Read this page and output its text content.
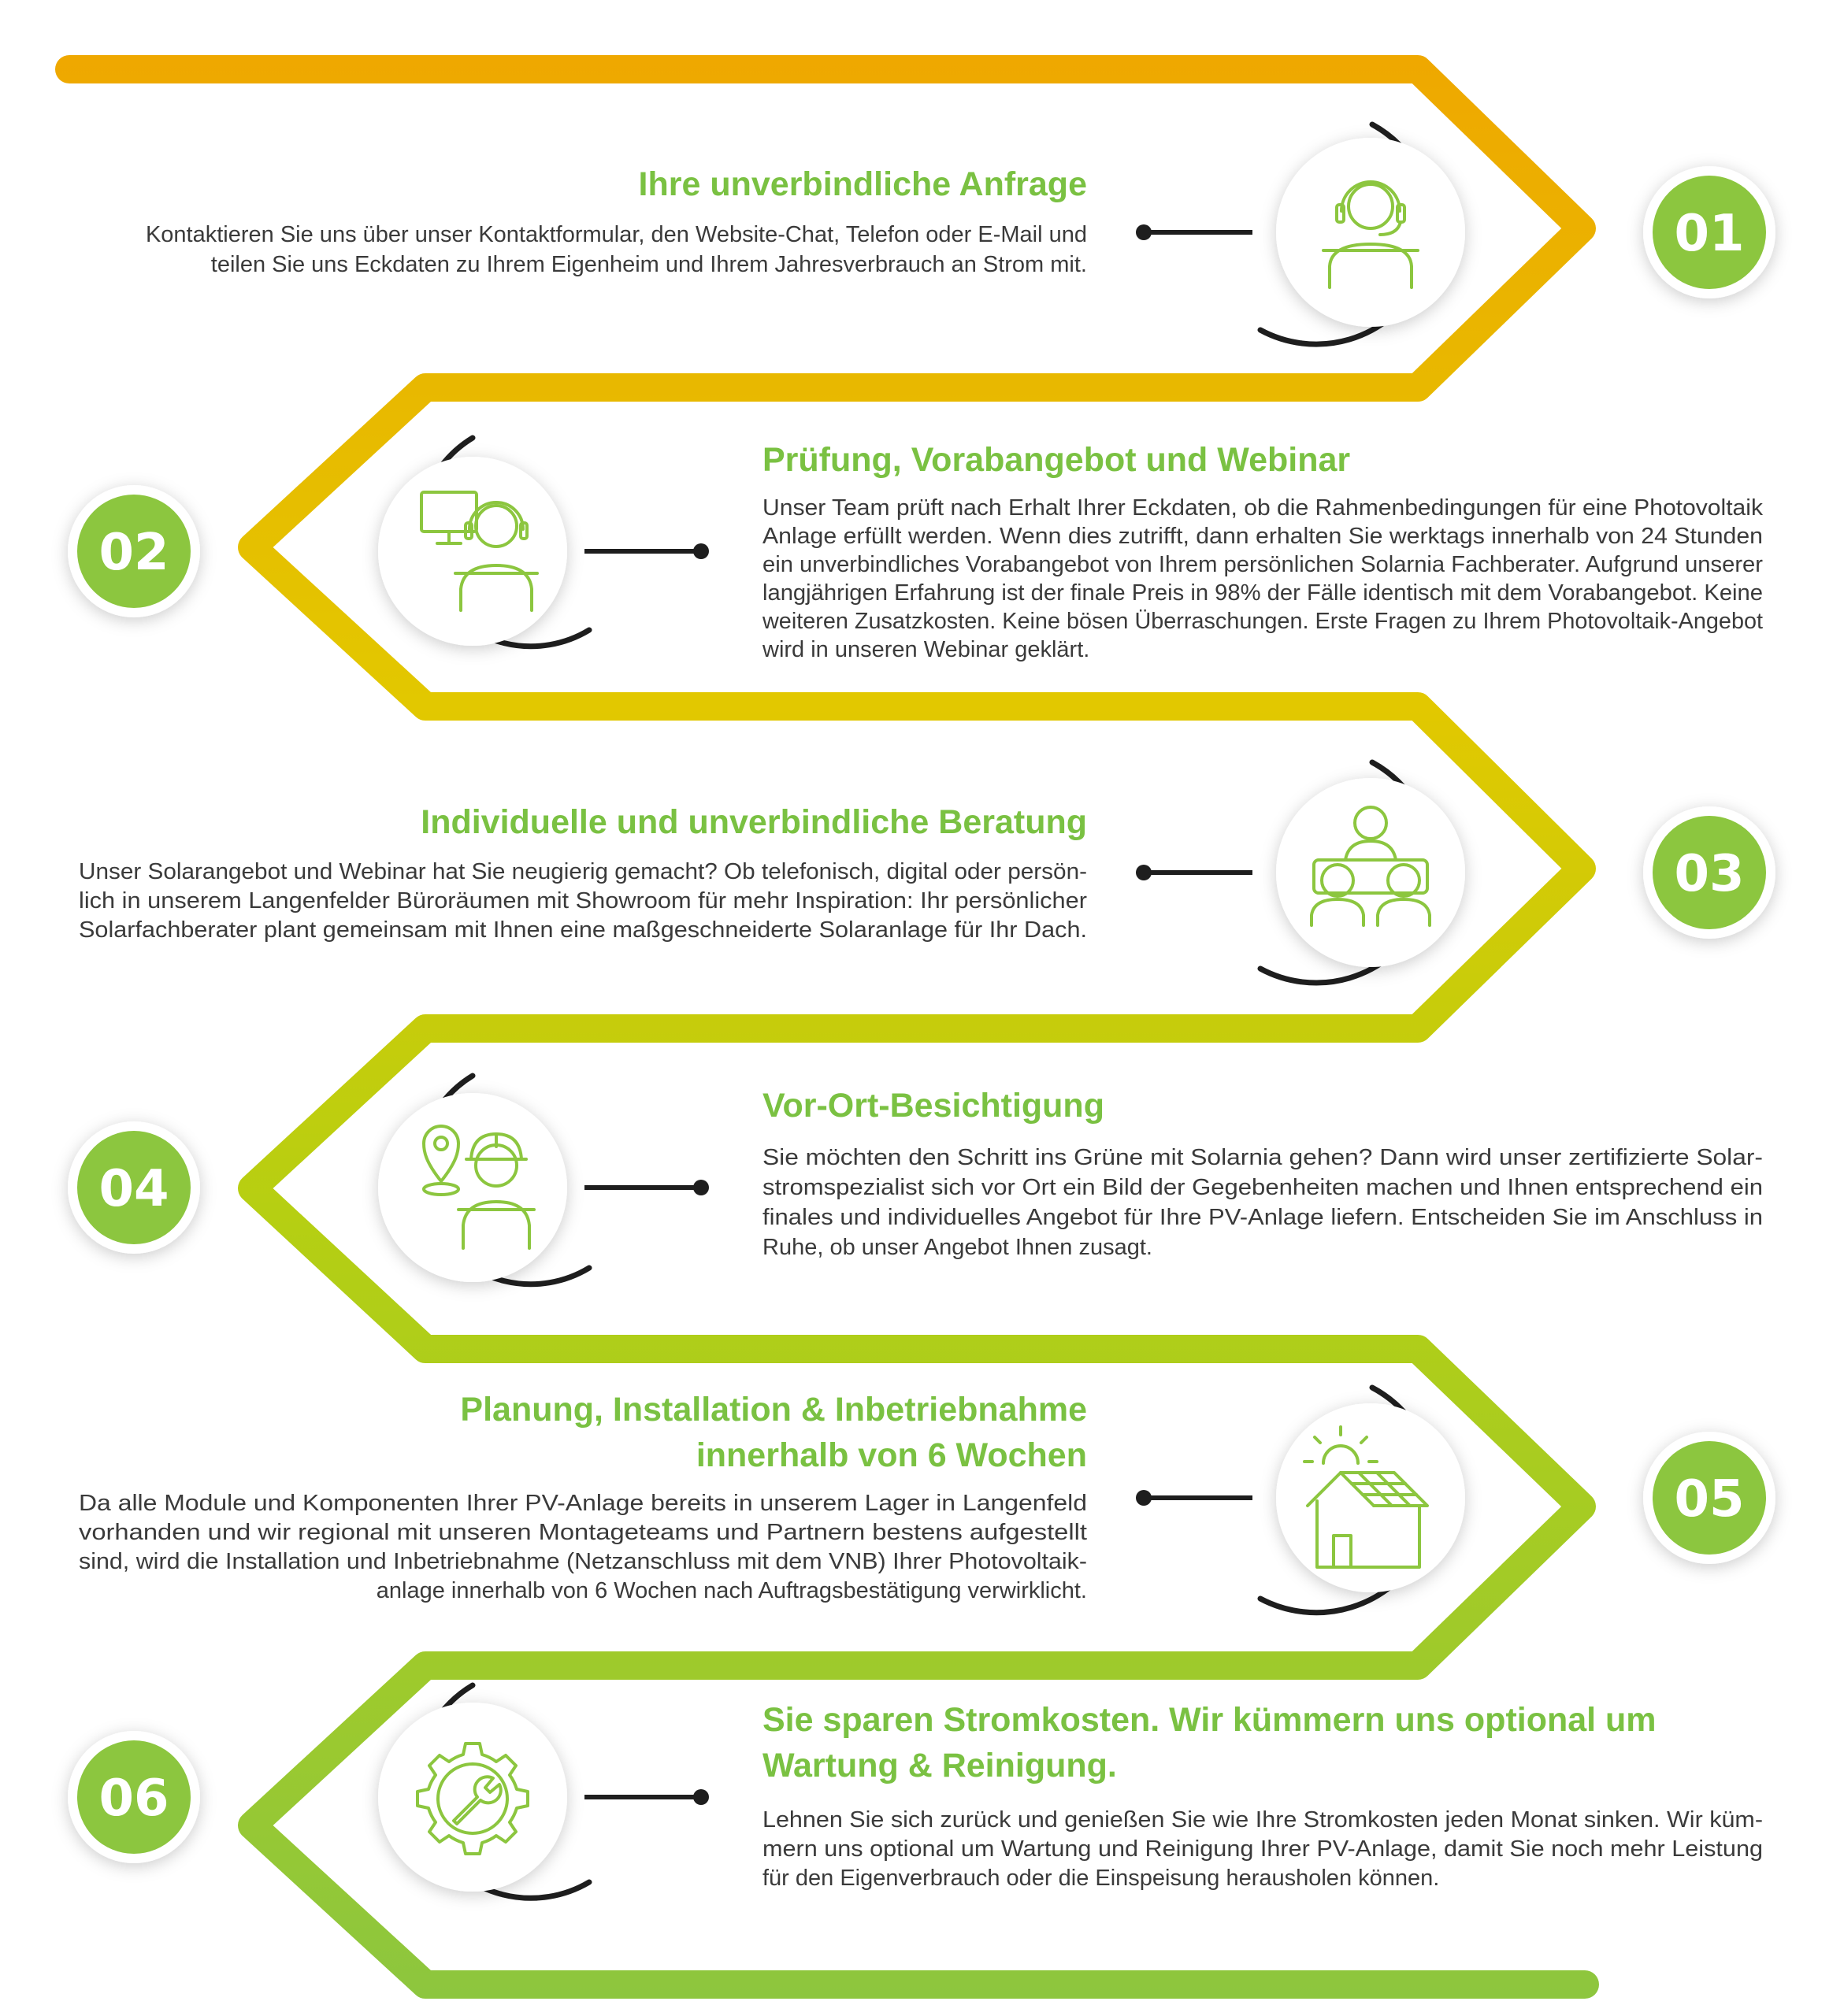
01
Ihre unverbindliche Anfrage
Kontaktieren Sie uns über unser Kontaktformular, den Website-Chat, Telefon oder E-Mail und
teilen Sie uns Eckdaten zu Ihrem Eigenheim und Ihrem Jahresverbrauch an Strom mit.
02
Prüfung, Vorabangebot und Webinar
Unser Team prüft nach Erhalt Ihrer Eckdaten, ob die Rahmenbedingungen für eine Photovoltaik
Anlage erfüllt werden. Wenn dies zutrifft, dann erhalten Sie werktags innerhalb von 24 Stunden
ein unverbindliches Vorabangebot von Ihrem persönlichen Solarnia Fachberater. Aufgrund unserer
langjährigen Erfahrung ist der finale Preis in 98% der Fälle identisch mit dem Vorabangebot. Keine
weiteren Zusatzkosten. Keine bösen Überraschungen. Erste Fragen zu Ihrem Photovoltaik-Angebot
wird in unseren Webinar geklärt.
03
Individuelle und unverbindliche Beratung
Unser Solarangebot und Webinar hat Sie neugierig gemacht? Ob telefonisch, digital oder persön-
lich in unserem Langenfelder Büroräumen mit Showroom für mehr Inspiration: Ihr persönlicher
Solarfachberater plant gemeinsam mit Ihnen eine maßgeschneiderte Solaranlage für Ihr Dach.
04
Vor-Ort-Besichtigung
Sie möchten den Schritt ins Grüne mit Solarnia gehen? Dann wird unser zertifizierte Solar-
stromspezialist sich vor Ort ein Bild der Gegebenheiten machen und Ihnen entsprechend ein
finales und individuelles Angebot für Ihre PV-Anlage liefern. Entscheiden Sie im Anschluss in
Ruhe, ob unser Angebot Ihnen zusagt.
05
Planung, Installation & Inbetriebnahme
innerhalb von 6 Wochen
Da alle Module und Komponenten Ihrer PV-Anlage bereits in unserem Lager in Langenfeld
vorhanden und wir regional mit unseren Montageteams und Partnern bestens aufgestellt
sind, wird die Installation und Inbetriebnahme (Netzanschluss mit dem VNB) Ihrer Photovoltaik-
anlage innerhalb von 6 Wochen nach Auftragsbestätigung verwirklicht.
06
Sie sparen Stromkosten. Wir kümmern uns optional um
Wartung & Reinigung.
Lehnen Sie sich zurück und genießen Sie wie Ihre Stromkosten jeden Monat sinken. Wir küm-
mern uns optional um Wartung und Reinigung Ihrer PV-Anlage, damit Sie noch mehr Leistung
für den Eigenverbrauch oder die Einspeisung herausholen können.
